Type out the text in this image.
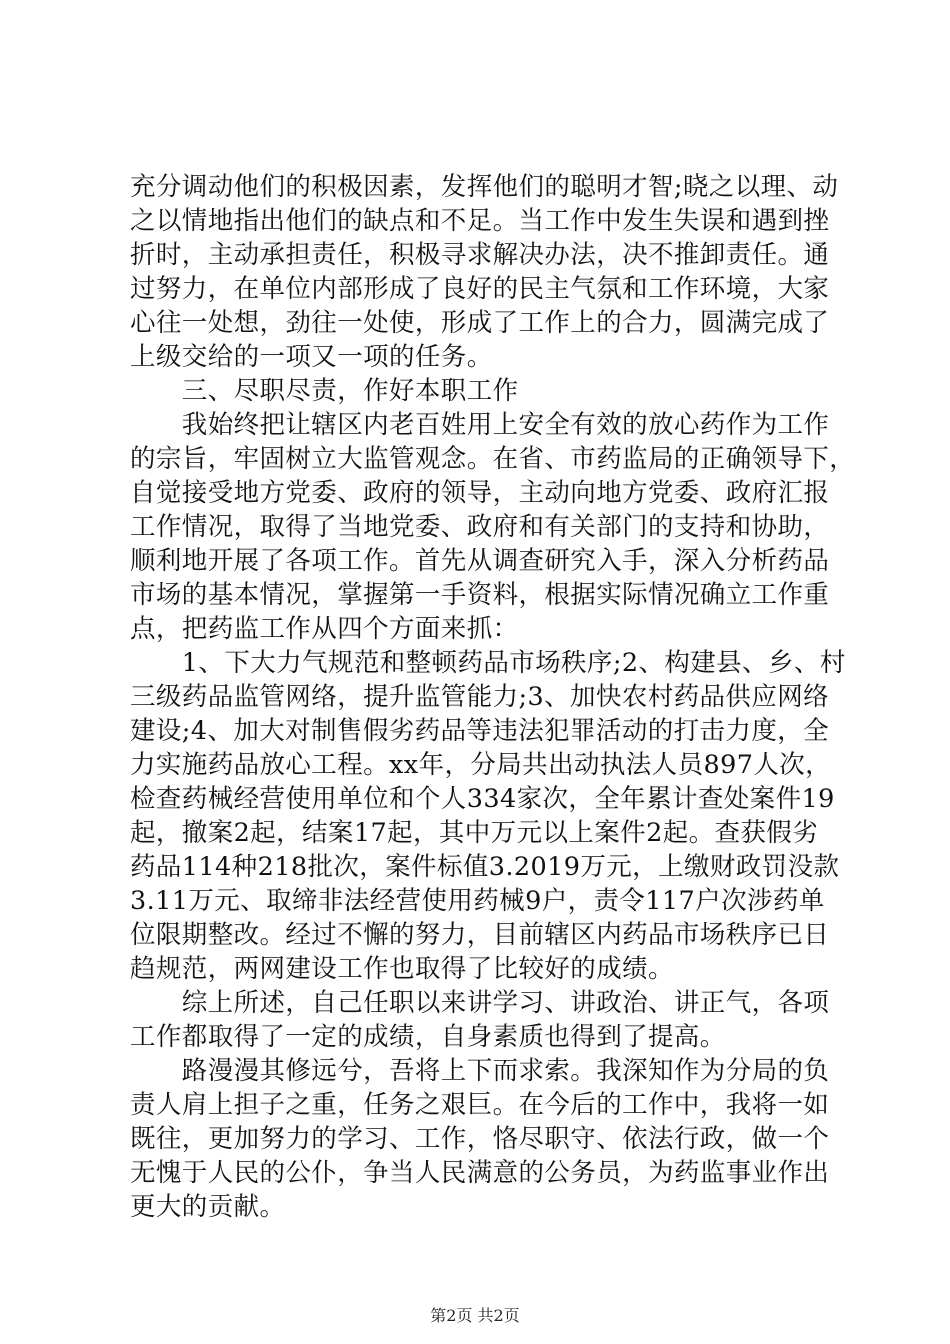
充分调动他们的积极因素，发挥他们的聪明才智;晓之以理、动
之以情地指出他们的缺点和不足。当工作中发生失误和遇到挫
折时，主动承担责任，积极寻求解决办法，决不推卸责任。通
过努力，在单位内部形成了良好的民主气氛和工作环境，大家
心往一处想，劲往一处使，形成了工作上的合力，圆满完成了
上级交给的一项又一项的任务。
　　三、尽职尽责，作好本职工作
　　我始终把让辖区内老百姓用上安全有效的放心药作为工作
的宗旨，牢固树立大监管观念。在省、市药监局的正确领导下，
自觉接受地方党委、政府的领导，主动向地方党委、政府汇报
工作情况，取得了当地党委、政府和有关部门的支持和协助，
顺利地开展了各项工作。首先从调查研究入手，深入分析药品
市场的基本情况，掌握第一手资料，根据实际情况确立工作重
点，把药监工作从四个方面来抓：
　　1、下大力气规范和整顿药品市场秩序;2、构建县、乡、村
三级药品监管网络，提升监管能力;3、加快农村药品供应网络
建设;4、加大对制售假劣药品等违法犯罪活动的打击力度，全
力实施药品放心工程。xx年，分局共出动执法人员897人次，
检查药械经营使用单位和个人334家次，全年累计查处案件19
起，撤案2起，结案17起，其中万元以上案件2起。查获假劣
药品114种218批次，案件标值3.2019万元，上缴财政罚没款
3.11万元、取缔非法经营使用药械9户，责令117户次涉药单
位限期整改。经过不懈的努力，目前辖区内药品市场秩序已日
趋规范，两网建设工作也取得了比较好的成绩。
　　综上所述，自己任职以来讲学习、讲政治、讲正气，各项
工作都取得了一定的成绩，自身素质也得到了提高。
　　路漫漫其修远兮，吾将上下而求索。我深知作为分局的负
责人肩上担子之重，任务之艰巨。在今后的工作中，我将一如
既往，更加努力的学习、工作，恪尽职守、依法行政，做一个
无愧于人民的公仆，争当人民满意的公务员，为药监事业作出
更大的贡献。
第2页 共2页
